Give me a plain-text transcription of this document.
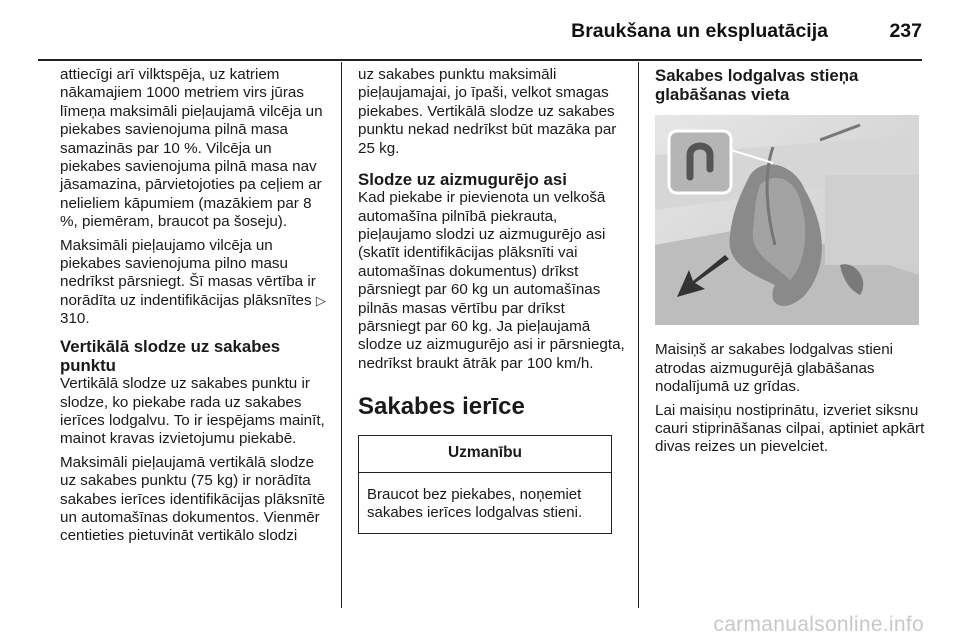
Braukšana un ekspluatācija	237

attiecīgi arī vilktspēja, uz katriem nākamajiem 1000 metriem virs jūras līmeņa maksimāli pieļaujamā vilcēja un piekabes savienojuma pilnā masa samazinās par 10 %. Vilcēja un piekabes savienojuma pilnā masa nav jāsamazina, pārvietojoties pa ceļiem ar nelieliem kāpumiem (mazākiem par 8 %, piemēram, braucot pa šoseju).

Maksimāli pieļaujamo vilcēja un piekabes savienojuma pilno masu nedrīkst pārsniegt. Šī masas vērtība ir norādīta uz indentifikācijas plāksnītes ▷ 310.

Vertikālā slodze uz sakabes punktu

Vertikālā slodze uz sakabes punktu ir slodze, ko piekabe rada uz sakabes ierīces lodgalvu. To ir iespējams mainīt, mainot kravas izvietojumu piekabē.

Maksimāli pieļaujamā vertikālā slodze uz sakabes punktu (75 kg) ir norādīta sakabes ierīces identifikācijas plāksnītē un automašīnas dokumentos. Vienmēr centieties pietuvināt vertikālo slodzi

uz sakabes punktu maksimāli pieļaujamajai, jo īpaši, velkot smagas piekabes. Vertikālā slodze uz sakabes punktu nekad nedrīkst būt mazāka par 25 kg.

Slodze uz aizmugurējo asi

Kad piekabe ir pievienota un velkošā automašīna pilnībā piekrauta, pieļaujamo slodzi uz aizmugurējo asi (skatīt identifikācijas plāksnīti vai automašīnas dokumentus) drīkst pārsniegt par 60 kg un automašīnas pilnās masas vērtību par drīkst pārsniegt par 60 kg. Ja pieļaujamā slodze uz aizmugurējo asi ir pārsniegta, nedrīkst braukt ātrāk par 100 km/h.

Sakabes ierīce
Uzmanību
Braucot bez piekabes, noņemiet sakabes ierīces lodgalvas stieni.
Sakabes lodgalvas stieņa glabāšanas vieta

Maisiņš ar sakabes lodgalvas stieni atrodas aizmugurējā glabāšanas nodalījumā uz grīdas.

Lai maisiņu nostiprinātu, izveriet siksnu cauri stiprināšanas cilpai, aptiniet apkārt divas reizes un pievelciet.

carmanualsonline.info
